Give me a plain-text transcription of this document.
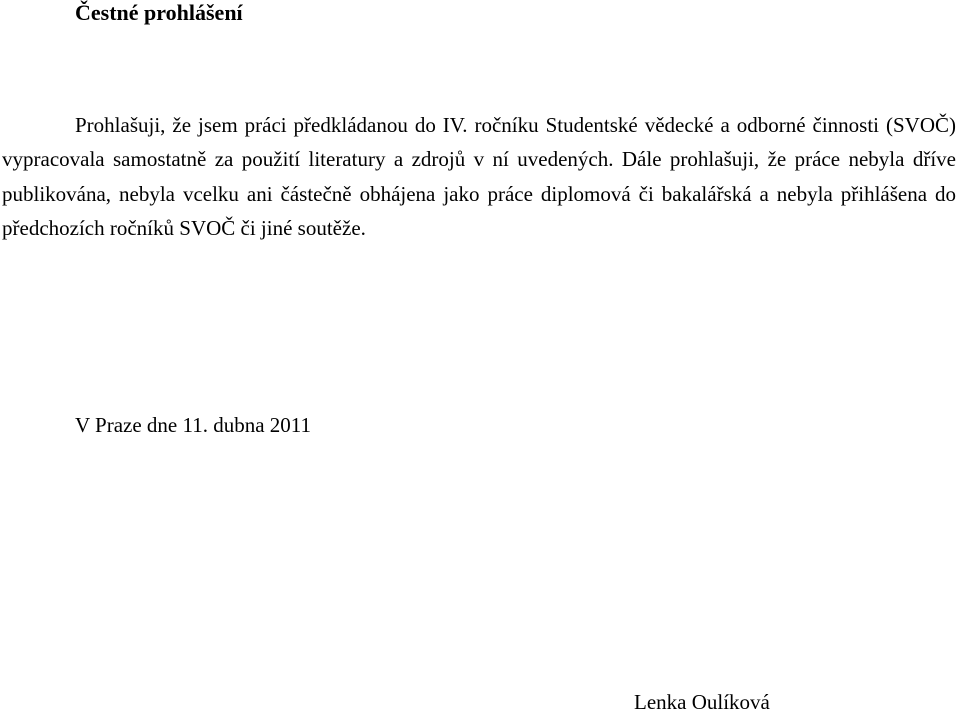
Čestné prohlášení

Prohlašuji, že jsem práci předkládanou do IV. ročníku Studentské vědecké a odborné činnosti (SVOČ) vypracovala samostatně za použití literatury a zdrojů v ní uvedených. Dále prohlašuji, že práce nebyla dříve publikována, nebyla vcelku ani částečně obhájena jako práce diplomová či bakalářská a nebyla přihlášena do předchozích ročníků SVOČ či jiné soutěže.

V Praze dne 11. dubna 2011
Lenka Oulíková
